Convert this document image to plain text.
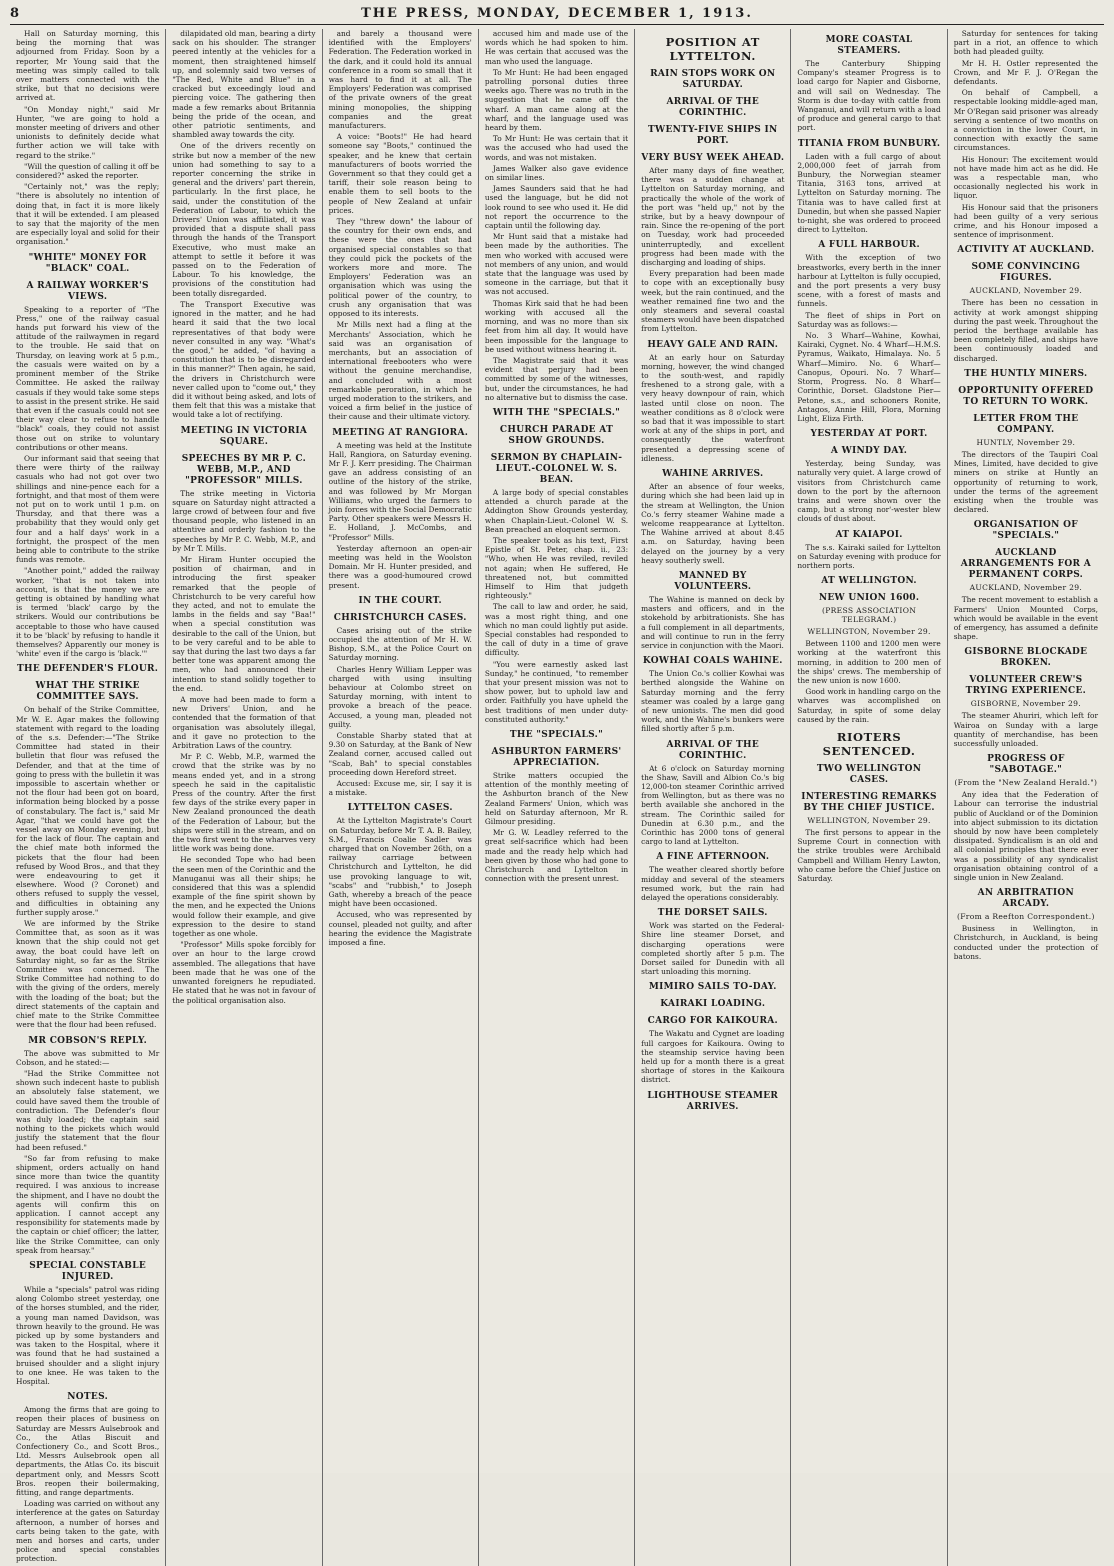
8	THE PRESS, MONDAY, DECEMBER 1, 1913.

Hall on Saturday morning, this being the morning that was adjourned from Friday. Soon by a reporter, Mr Young said that the meeting was simply called to talk over matters connected with the strike, but that no decisions were arrived at.

"On Monday night," said Mr Hunter, "we are going to hold a monster meeting of drivers and other unionists to definitely decide what further action we will take with regard to the strike."

"Will the question of calling it off be considered?" asked the reporter.

"Certainly not," was the reply; "there is absolutely no intention of doing that, in fact it is more likely that it will be extended. I am pleased to say that the majority of the men are especially loyal and solid for their organisation."

"WHITE" MONEY FOR "BLACK" COAL.
A RAILWAY WORKER'S VIEWS.

Speaking to a reporter of "The Press," one of the railway casual hands put forward his view of the attitude of the railwaymen in regard to the trouble. He said that on Thursday, on leaving work at 5 p.m., the casuals were waited on by a prominent member of the Strike Committee. He asked the railway casuals if they would take some steps to assist in the present strike. He said that even if the casuals could not see their way clear to refuse to handle "black" coals, they could not assist those out on strike to voluntary contributions or other means.

Our informant said that seeing that there were thirty of the railway casuals who had not got over two shillings and nine-pence each for a fortnight, and that most of them were not put on to work until 1 p.m. on Thursday, and that there was a probability that they would only get four and a half days' work in a fortnight, the prospect of the men being able to contribute to the strike funds was remote.

"Another point," added the railway worker, "that is not taken into account, is that the money we are getting is obtained by handling what is termed 'black' cargo by the strikers. Would our contributions be acceptable to those who have caused it to be 'black' by refusing to handle it themselves? Apparently our money is 'white' even if the cargo is 'black.'"

THE DEFENDER'S FLOUR.
WHAT THE STRIKE COMMITTEE SAYS.

On behalf of the Strike Committee, Mr W. E. Agar makes the following statement with regard to the loading of the s.s. Defender:—"The Strike Committee had stated in their bulletin that flour was refused the Defender, and that at the time of going to press with the bulletin it was impossible to ascertain whether or not the flour had been got on board, information being blocked by a posse of constabulary. The fact is," said Mr Agar, "that we could have got the vessel away on Monday evening, but for the lack of flour. The captain and the chief mate both informed the pickets that the flour had been refused by Wood Bros., and that they were endeavouring to get it elsewhere. Wood (? Coronet) and others refused to supply the vessel, and difficulties in obtaining any further supply arose."

We are informed by the Strike Committee that, as soon as it was known that the ship could not get away, the boat could have left on Saturday night, so far as the Strike Committee was concerned. The Strike Committee had nothing to do with the giving of the orders, merely with the loading of the boat; but the direct statements of the captain and chief mate to the Strike Committee were that the flour had been refused.

MR COBSON'S REPLY.

The above was submitted to Mr Cobson, and he stated:—

"Had the Strike Committee not shown such indecent haste to publish an absolutely false statement, we could have saved them the trouble of contradiction. The Defender's flour was duly loaded; the captain said nothing to the pickets which would justify the statement that the flour had been refused."

"So far from refusing to make shipment, orders actually on hand since more than twice the quantity required. I was anxious to increase the shipment, and I have no doubt the agents will confirm this on application. I cannot accept any responsibility for statements made by the captain or chief officer; the latter, like the Strike Committee, can only speak from hearsay."

SPECIAL CONSTABLE INJURED.

While a "specials" patrol was riding along Colombo street yesterday, one of the horses stumbled, and the rider, a young man named Davidson, was thrown heavily to the ground. He was picked up by some bystanders and was taken to the Hospital, where it was found that he had sustained a bruised shoulder and a slight injury to one knee. He was taken to the Hospital.

NOTES.

Among the firms that are going to reopen their places of business on Saturday are Messrs Aulsebrook and Co., the Atlas Biscuit and Confectionery Co., and Scott Bros., Ltd. Messrs Aulsebrook open all departments, the Atlas Co. its biscuit department only, and Messrs Scott Bros. reopen their boilermaking, fitting, and range departments.

Loading was carried on without any interference at the gates on Saturday afternoon, a number of horses and carts being taken to the gate, with men and horses and carts, under police and special constables protection.

dilapidated old man, bearing a dirty sack on his shoulder. The stranger peered intently at the vehicles for a moment, then straightened himself up, and solemnly said two verses of "The Red, White and Blue" in a cracked but exceedingly loud and piercing voice. The gathering then made a few remarks about Britannia being the pride of the ocean, and other patriotic sentiments, and shambled away towards the city.

One of the drivers recently on strike but now a member of the new union had something to say to a reporter concerning the strike in general and the drivers' part therein, particularly. In the first place, he said, under the constitution of the Federation of Labour, to which the Drivers' Union was affiliated, it was provided that a dispute shall pass through the hands of the Transport Executive, who must make an attempt to settle it before it was passed on to the Federation of Labour. To his knowledge, the provisions of the constitution had been totally disregarded.

The Transport Executive was ignored in the matter, and he had heard it said that the two local representatives of that body were never consulted in any way. "What's the good," he added, "of having a constitution that is to be disregarded in this manner?" Then again, he said, the drivers in Christchurch were never called upon to "come out," they did it without being asked, and lots of them felt that this was a mistake that would take a lot of rectifying.

MEETING IN VICTORIA SQUARE.
SPEECHES BY MR P. C. WEBB, M.P., AND "PROFESSOR" MILLS.

The strike meeting in Victoria square on Saturday night attracted a large crowd of between four and five thousand people, who listened in an attentive and orderly fashion to the speeches by Mr P. C. Webb, M.P., and by Mr T. Mills.

Mr Hiram Hunter occupied the position of chairman, and in introducing the first speaker remarked that the people of Christchurch to be very careful how they acted, and not to emulate the lambs in the fields and say "Baa!" when a special constitution was desirable to the call of the Union, but to be very careful and to be able to say that during the last two days a far better tone was apparent among the men, who had announced their intention to stand solidly together to the end.

A move had been made to form a new Drivers' Union, and he contended that the formation of that organisation was absolutely illegal, and it gave no protection to the Arbitration Laws of the country.

Mr P. C. Webb, M.P., warmed the crowd that the strike was by no means ended yet, and in a strong speech he said in the capitalistic Press of the country. After the first few days of the strike every paper in New Zealand pronounced the death of the Federation of Labour, but the ships were still in the stream, and on the two first went to the wharves very little work was being done.

He seconded Tope who had been the seen men of the Corinthic and the Manuganui was all their ships; he considered that this was a splendid example of the fine spirit shown by the men, and he expected the Unions would follow their example, and give expression to the desire to stand together as one whole.

"Professor" Mills spoke forcibly for over an hour to the large crowd assembled. The allegations that have been made that he was one of the unwanted foreigners he repudiated. He stated that he was not in favour of the political organisation also.

and barely a thousand were identified with the Employers' Federation. The Federation worked in the dark, and it could hold its annual conference in a room so small that it was hard to find it at all. The Employers' Federation was comprised of the private owners of the great mining monopolies, the shipping companies and the great manufacturers.

A voice: "Boots!" He had heard someone say "Boots," continued the speaker, and he knew that certain manufacturers of boots worried the Government so that they could get a tariff, their sole reason being to enable them to sell boots to the people of New Zealand at unfair prices.

They "threw down" the labour of the country for their own ends, and these were the ones that had organised special constables so that they could pick the pockets of the workers more and more. The Employers' Federation was an organisation which was using the political power of the country, to crush any organisation that was opposed to its interests.

Mr Mills next had a fling at the Merchants' Association, which he said was an organisation of merchants, but an association of international freebooters who were without the genuine merchandise, and concluded with a most remarkable peroration, in which he urged moderation to the strikers, and voiced a firm belief in the justice of their cause and their ultimate victory.

MEETING AT RANGIORA.

A meeting was held at the Institute Hall, Rangiora, on Saturday evening. Mr F. J. Kerr presiding. The Chairman gave an address consisting of an outline of the history of the strike, and was followed by Mr Morgan Williams, who urged the farmers to join forces with the Social Democratic Party. Other speakers were Messrs H. E. Holland, J. McCombs, and "Professor" Mills.

Yesterday afternoon an open-air meeting was held in the Woolston Domain. Mr H. Hunter presided, and there was a good-humoured crowd present.

IN THE COURT.
CHRISTCHURCH CASES.

Cases arising out of the strike occupied the attention of Mr H. W. Bishop, S.M., at the Police Court on Saturday morning.

Charles Henry William Lepper was charged with using insulting behaviour at Colombo street on Saturday morning, with intent to provoke a breach of the peace. Accused, a young man, pleaded not guilty.

Constable Sharby stated that at 9.30 on Saturday, at the Bank of New Zealand corner, accused called out "Scab, Bah" to special constables proceeding down Hereford street.

Accused: Excuse me, sir, I say it is a mistake.

LYTTELTON CASES.

At the Lyttelton Magistrate's Court on Saturday, before Mr T. A. B. Bailey, S.M., Francis Coalie Sadler was charged that on November 26th, on a railway carriage between Christchurch and Lyttelton, he did use provoking language to wit, "scabs" and "rubbish," to Joseph Gath, whereby a breach of the peace might have been occasioned.

Accused, who was represented by counsel, pleaded not guilty, and after hearing the evidence the Magistrate imposed a fine.

accused him and made use of the words which he had spoken to him. He was certain that accused was the man who used the language.

To Mr Hunt: He had been engaged patrolling porsonal duties three weeks ago. There was no truth in the suggestion that he came off the wharf. A man came along at the wharf, and the language used was heard by them.

To Mr Hunt: He was certain that it was the accused who had used the words, and was not mistaken.

James Walker also gave evidence on similar lines.

James Saunders said that he had used the language, but he did not look round to see who used it. He did not report the occurrence to the captain until the following day.

Mr Hunt said that a mistake had been made by the authorities. The men who worked with accused were not members of any union, and would state that the language was used by someone in the carriage, but that it was not accused.

Thomas Kirk said that he had been working with accused all the morning, and was no more than six feet from him all day. It would have been impossible for the language to be used without witness hearing it.

The Magistrate said that it was evident that perjury had been committed by some of the witnesses, but, under the circumstances, he had no alternative but to dismiss the case.

WITH THE "SPECIALS."
CHURCH PARADE AT SHOW GROUNDS.
SERMON BY CHAPLAIN-LIEUT.-COLONEL W. S. BEAN.

A large body of special constables attended a church parade at the Addington Show Grounds yesterday, when Chaplain-Lieut.-Colonel W. S. Bean preached an eloquent sermon.

The speaker took as his text, First Epistle of St. Peter, chap. ii., 23: "Who, when He was reviled, reviled not again; when He suffered, He threatened not, but committed Himself to Him that judgeth righteously."

The call to law and order, he said, was a most right thing, and one which no man could lightly put aside. Special constables had responded to the call of duty in a time of grave difficulty.

"You were earnestly asked last Sunday," he continued, "to remember that your present mission was not to show power, but to uphold law and order. Faithfully you have upheld the best traditions of men under duty-constituted authority."

THE "SPECIALS."
ASHBURTON FARMERS' APPRECIATION.

Strike matters occupied the attention of the monthly meeting of the Ashburton branch of the New Zealand Farmers' Union, which was held on Saturday afternoon, Mr R. Gilmour presiding.

Mr G. W. Leadley referred to the great self-sacrifice which had been made and the ready help which had been given by those who had gone to Christchurch and Lyttelton in connection with the present unrest.

POSITION AT LYTTELTON.
RAIN STOPS WORK ON SATURDAY.
ARRIVAL OF THE CORINTHIC.
TWENTY-FIVE SHIPS IN PORT.
VERY BUSY WEEK AHEAD.

After many days of fine weather, there was a sudden change at Lyttelton on Saturday morning, and practically the whole of the work of the port was "held up," not by the strike, but by a heavy downpour of rain. Since the re-opening of the port on Tuesday, work had proceeded uninterruptedly, and excellent progress had been made with the discharging and loading of ships.

Every preparation had been made to cope with an exceptionally busy week, but the rain continued, and the weather remained fine two and the only steamers and several coastal steamers would have been dispatched from Lyttelton.

HEAVY GALE AND RAIN.

At an early hour on Saturday morning, however, the wind changed to the south-west, and rapidly freshened to a strong gale, with a very heavy downpour of rain, which lasted until close on noon. The weather conditions as 8 o'clock were so bad that it was impossible to start work at any of the ships in port, and consequently the waterfront presented a depressing scene of idleness.

WAHINE ARRIVES.

After an absence of four weeks, during which she had been laid up in the stream at Wellington, the Union Co.'s ferry steamer Wahine made a welcome reappearance at Lyttelton. The Wahine arrived at about 8.45 a.m. on Saturday, having been delayed on the journey by a very heavy southerly swell.

MANNED BY VOLUNTEERS.

The Wahine is manned on deck by masters and officers, and in the stokehold by arbitrationists. She has a full complement in all departments, and will continue to run in the ferry service in conjunction with the Maori.

KOWHAI COALS WAHINE.

The Union Co.'s collier Kowhai was berthed alongside the Wahine on Saturday morning and the ferry steamer was coaled by a large gang of new unionists. The men did good work, and the Wahine's bunkers were filled shortly after 5 p.m.

ARRIVAL OF THE CORINTHIC.

At 6 o'clock on Saturday morning the Shaw, Savill and Albion Co.'s big 12,000-ton steamer Corinthic arrived from Wellington, but as there was no berth available she anchored in the stream. The Corinthic sailed for Dunedin at 6.30 p.m., and the Corinthic has 2000 tons of general cargo to land at Lyttelton.

A FINE AFTERNOON.

The weather cleared shortly before midday and several of the steamers resumed work, but the rain had delayed the operations considerably.

THE DORSET SAILS.

Work was started on the Federal-Shire line steamer Dorset, and discharging operations were completed shortly after 5 p.m. The Dorset sailed for Dunedin with all start unloading this morning.

MIMIRO SAILS TO-DAY.
KAIRAKI LOADING.
CARGO FOR KAIKOURA.

The Wakatu and Cygnet are loading full cargoes for Kaikoura. Owing to the steamship service having been held up for a month there is a great shortage of stores in the Kaikoura district.

LIGHTHOUSE STEAMER ARRIVES.
MORE COASTAL STEAMERS.

The Canterbury Shipping Company's steamer Progress is to load cargo for Napier and Gisborne, and will sail on Wednesday. The Storm is due to-day with cattle from Wanganui, and will return with a load of produce and general cargo to that port.

TITANIA FROM BUNBURY.

Laden with a full cargo of about 2,000,000 feet of jarrah from Bunbury, the Norwegian steamer Titania, 3163 tons, arrived at Lyttelton on Saturday morning. The Titania was to have called first at Dunedin, but when she passed Napier to-night, she was ordered to proceed direct to Lyttelton.

A FULL HARBOUR.

With the exception of two breastworks, every berth in the inner harbour at Lyttelton is fully occupied, and the port presents a very busy scene, with a forest of masts and funnels.

The fleet of ships in Port on Saturday was as follows:—

No. 3 Wharf—Wahine, Kowhai, Kairaki, Cygnet. No. 4 Wharf—H.M.S. Pyramus, Waikato, Himalaya. No. 5 Wharf—Mimiro. No. 6 Wharf—Canopus, Opouri. No. 7 Wharf—Storm, Progress. No. 8 Wharf—Corinthic, Dorset. Gladstone Pier—Petone, s.s., and schooners Ronite, Antagos, Annie Hill, Flora, Morning Light, Eliza Firth.

YESTERDAY AT PORT.
A WINDY DAY.

Yesterday, being Sunday, was naturally very quiet. A large crowd of visitors from Christchurch came down to the port by the afternoon trains and were shown over the camp, but a strong nor'-wester blew clouds of dust about.

AT KAIAPOI.

The s.s. Kairaki sailed for Lyttelton on Saturday evening with produce for northern ports.

AT WELLINGTON.
NEW UNION 1600.
(PRESS ASSOCIATION TELEGRAM.)
WELLINGTON, November 29.

Between 1100 and 1200 men were working at the waterfront this morning, in addition to 200 men of the ships' crews. The membership of the new union is now 1600.

Good work in handling cargo on the wharves was accomplished on Saturday, in spite of some delay caused by the rain.

RIOTERS SENTENCED.
TWO WELLINGTON CASES.
INTERESTING REMARKS BY THE CHIEF JUSTICE.
WELLINGTON, November 29.

The first persons to appear in the Supreme Court in connection with the strike troubles were Archibald Campbell and William Henry Lawton, who came before the Chief Justice on Saturday.

Saturday for sentences for taking part in a riot, an offence to which both had pleaded guilty.

Mr H. H. Ostler represented the Crown, and Mr F. J. O'Regan the defendants.

On behalf of Campbell, a respectable looking middle-aged man, Mr O'Regan said prisoner was already serving a sentence of two months on a conviction in the lower Court, in connection with exactly the same circumstances.

His Honour: The excitement would not have made him act as he did. He was a respectable man, who occasionally neglected his work in liquor.

His Honour said that the prisoners had been guilty of a very serious crime, and his Honour imposed a sentence of imprisonment.

ACTIVITY AT AUCKLAND.
SOME CONVINCING FIGURES.
AUCKLAND, November 29.

There has been no cessation in activity at work amongst shipping during the past week. Throughout the period the berthage available has been completely filled, and ships have been continuously loaded and discharged.

THE HUNTLY MINERS.
OPPORTUNITY OFFERED TO RETURN TO WORK.
LETTER FROM THE COMPANY.
HUNTLY, November 29.

The directors of the Taupiri Coal Mines, Limited, have decided to give miners on strike at Huntly an opportunity of returning to work, under the terms of the agreement existing when the trouble was declared.

ORGANISATION OF "SPECIALS."
AUCKLAND ARRANGEMENTS FOR A PERMANENT CORPS.
AUCKLAND, November 29.

The recent movement to establish a Farmers' Union Mounted Corps, which would be available in the event of emergency, has assumed a definite shape.

GISBORNE BLOCKADE BROKEN.
VOLUNTEER CREW'S TRYING EXPERIENCE.
GISBORNE, November 29.

The steamer Ahuriri, which left for Wairoa on Sunday with a large quantity of merchandise, has been successfully unloaded.

PROGRESS OF "SABOTAGE."
(From the "New Zealand Herald.")

Any idea that the Federation of Labour can terrorise the industrial public of Auckland or of the Dominion into abject submission to its dictation should by now have been completely dissipated. Syndicalism is an old and all colonial principles that there ever was a possibility of any syndicalist organisation obtaining control of a single union in New Zealand.

AN ARBITRATION ARCADY.
(From a Reefton Correspondent.)

Business in Wellington, in Christchurch, in Auckland, is being conducted under the protection of batons.
